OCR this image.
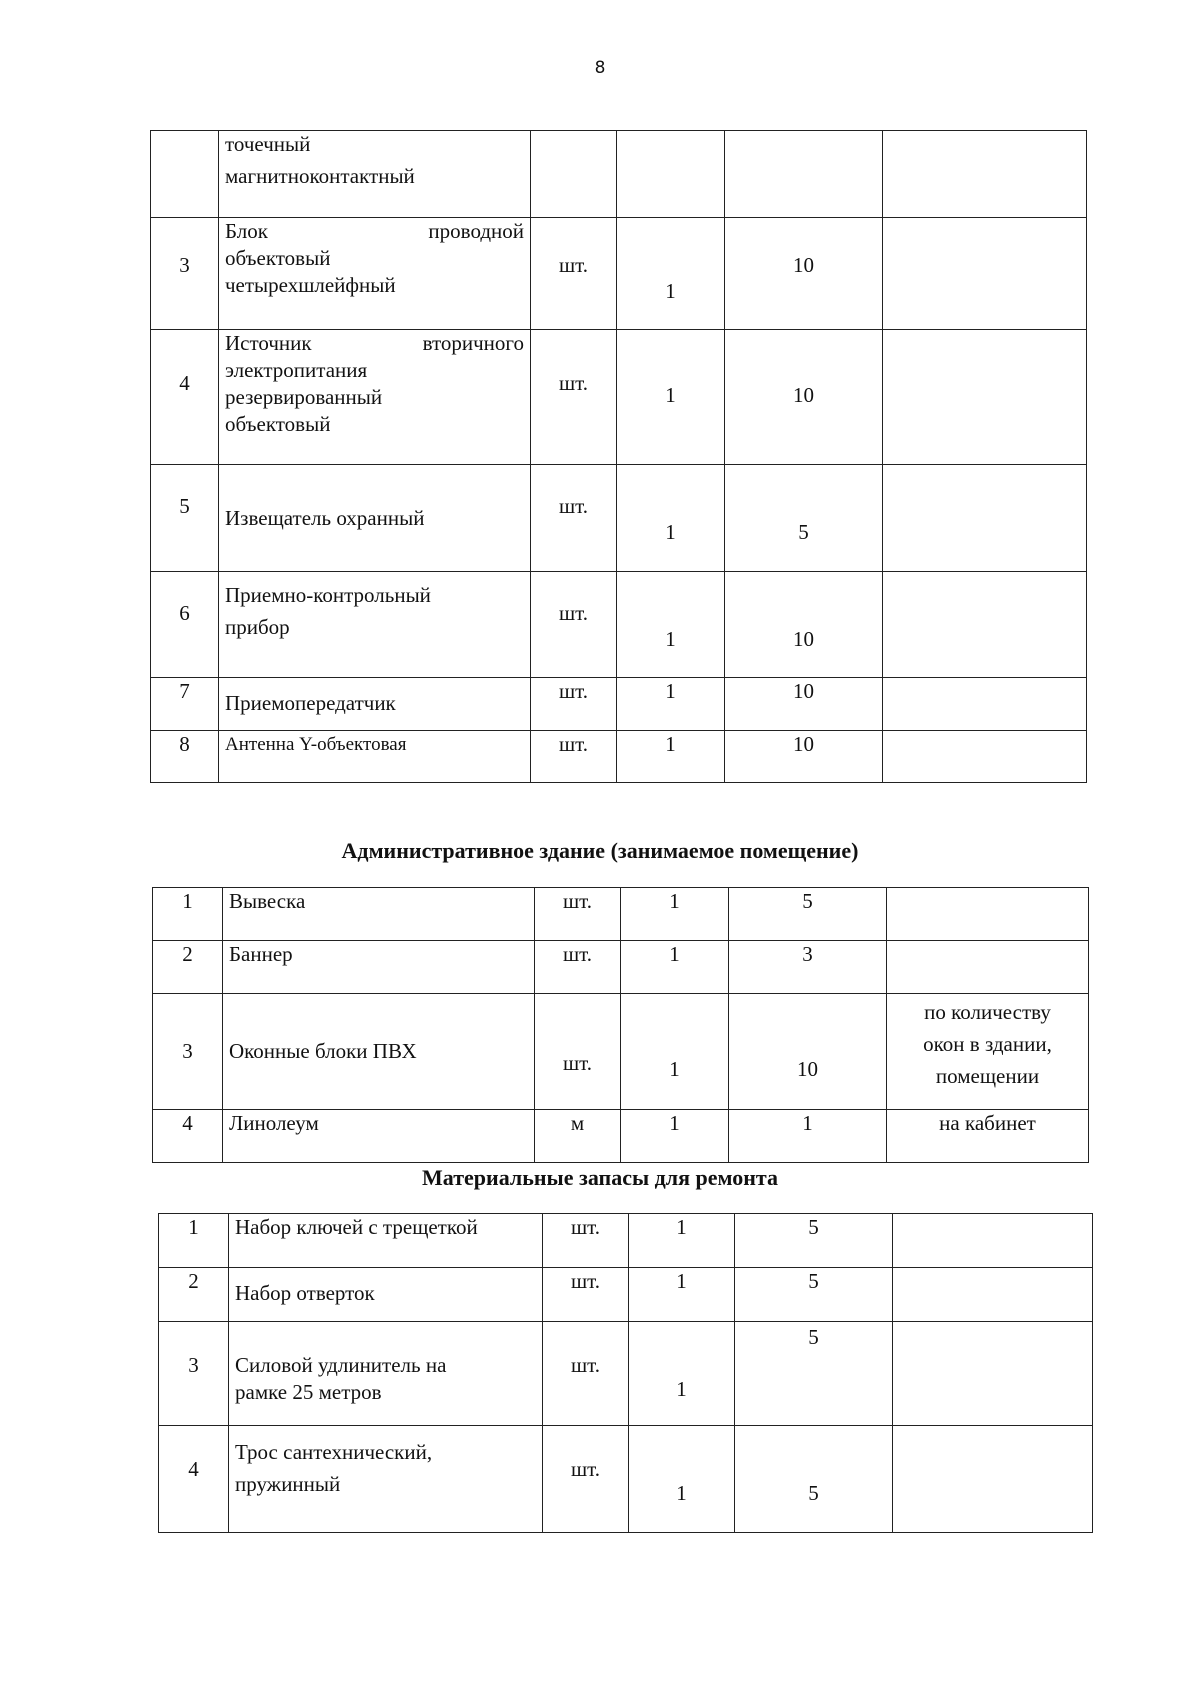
8

	точечный
магнитноконтактный				

3	Блок проводной
объектовый
четырехшлейфный	шт.	1	10	
4	Источник вторичного
электропитания
резервированный
объектовый	шт.	1	10	
5	Извещатель охранный	шт.	1	5	
6	Приемно-контрольный
прибор	шт.	1	10	
7	Приемопередатчик	шт.	1	10	
8	Антенна Y-объектовая	шт.	1	10	
Административное здание (занимаемое помещение)
1	Вывеска	шт.	1	5	
2	Баннер	шт.	1	3	
3	Оконные блоки ПВХ	шт.	1	10	по количеству
окон в здании,
помещении

4	Линолеум	м	1	1	на кабинет
Материальные запасы для ремонта
1	Набор ключей с трещеткой	шт.	1	5	
2	Набор отверток	шт.	1	5	
3	Силовой удлинитель на
рамке 25 метров	шт.	1	5	
4	Трос сантехнический,
пружинный	шт.	1	5	
